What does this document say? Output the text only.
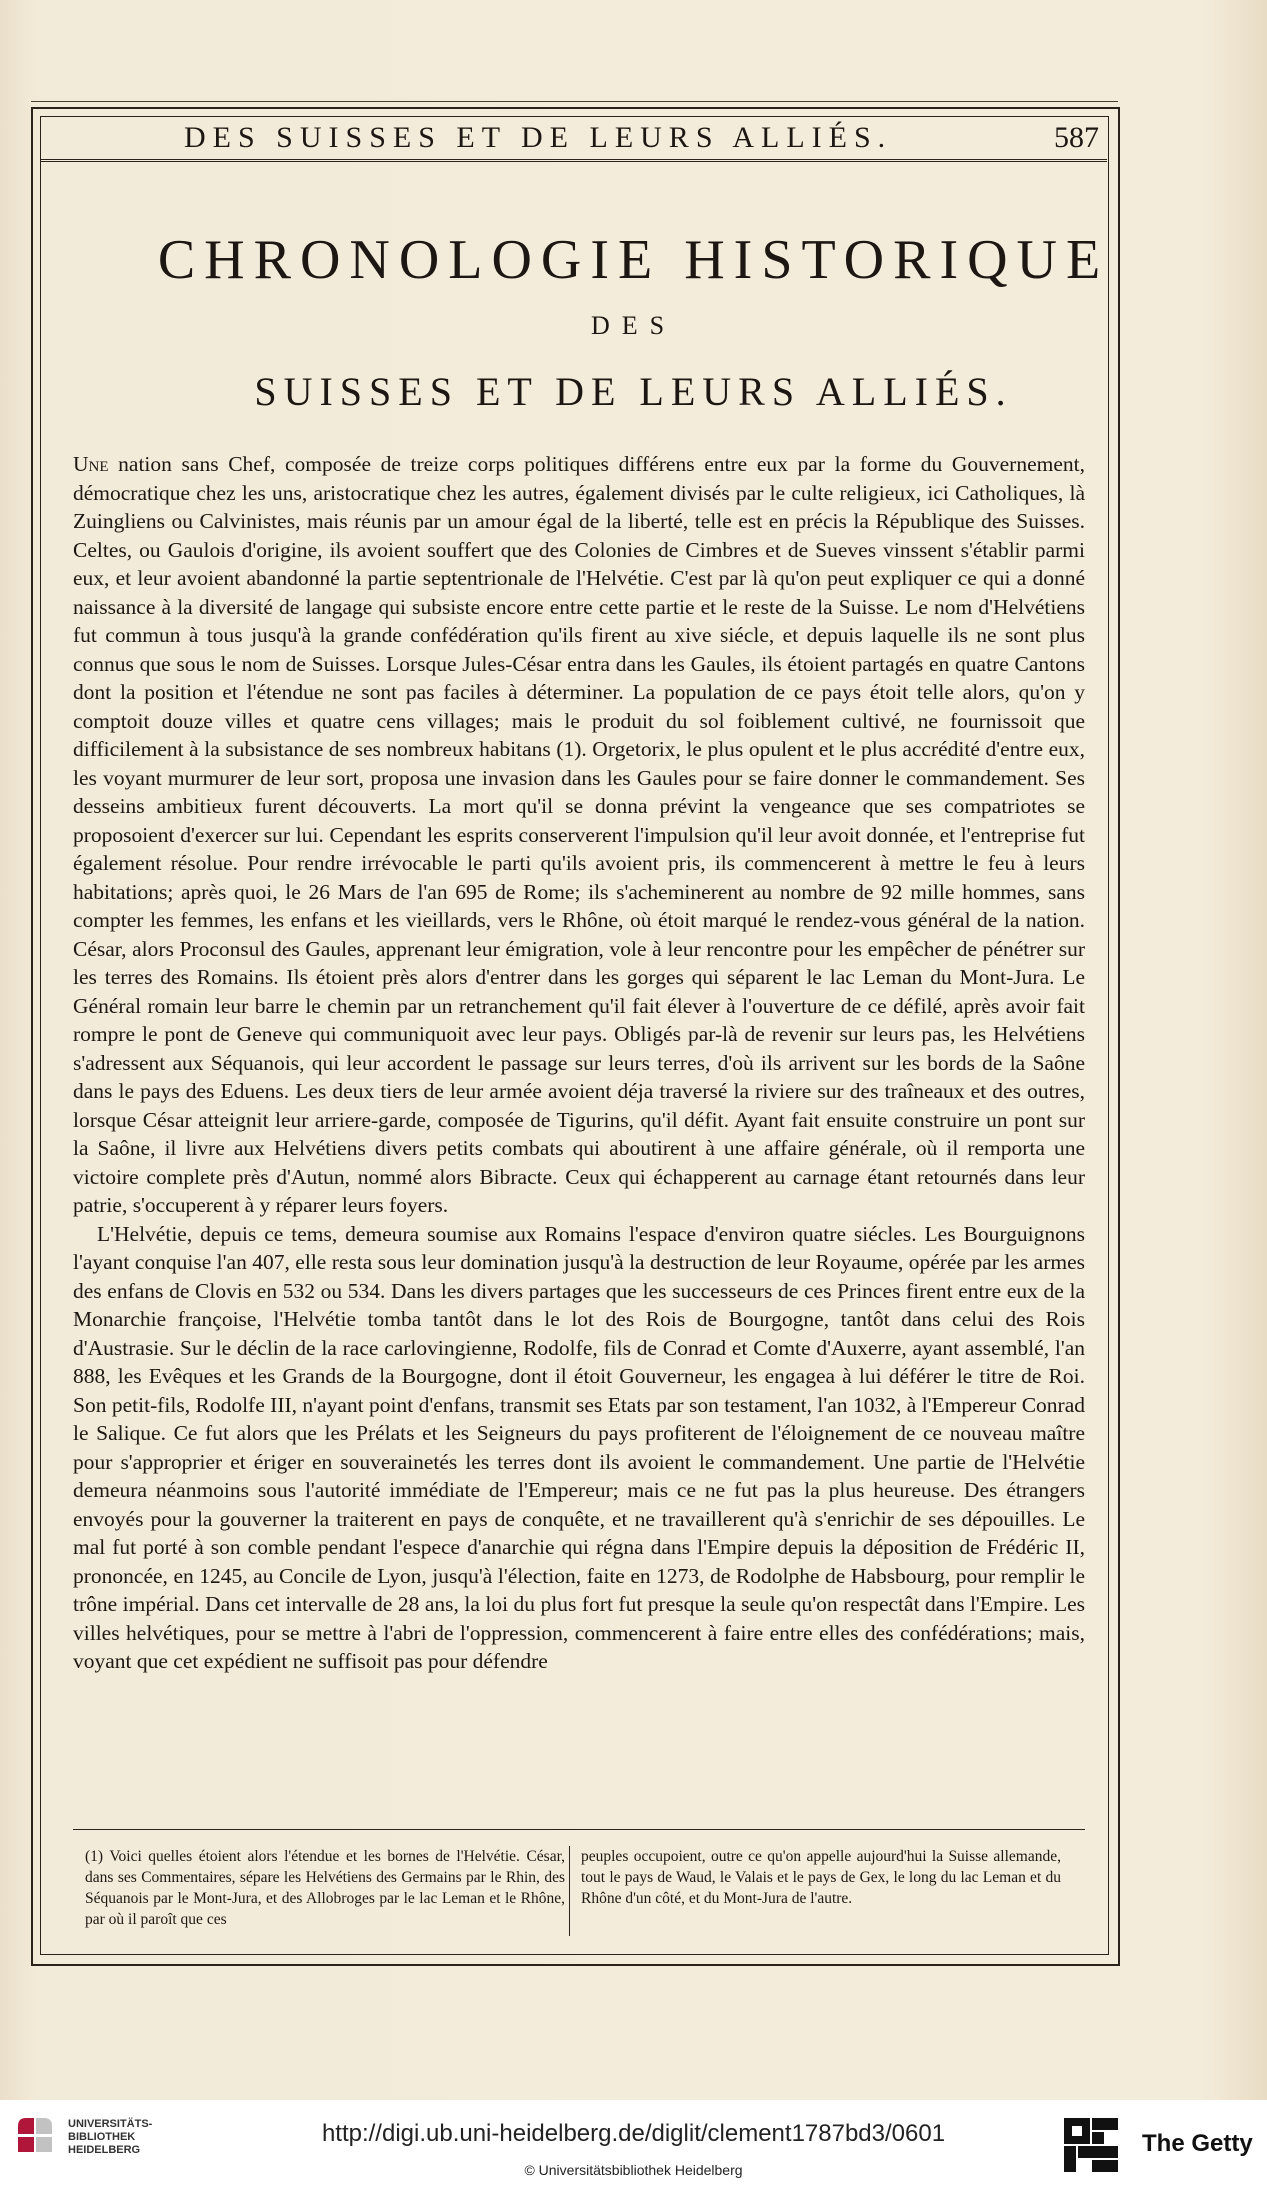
DES SUISSES ET DE LEURS ALLIÉS.	587
CHRONOLOGIE HISTORIQUE
DES
SUISSES ET DE LEURS ALLIÉS.

Une nation sans Chef, composée de treize corps politiques différens entre eux par la forme du Gouvernement, démocratique chez les uns, aristocratique chez les autres, également divisés par le culte religieux, ici Catholiques, là Zuingliens ou Calvinistes, mais réunis par un amour égal de la liberté, telle est en précis la République des Suisses. Celtes, ou Gaulois d'origine, ils avoient souffert que des Colonies de Cimbres et de Sueves vinssent s'établir parmi eux, et leur avoient abandonné la partie septentrionale de l'Helvétie. C'est par là qu'on peut expliquer ce qui a donné naissance à la diversité de langage qui subsiste encore entre cette partie et le reste de la Suisse. Le nom d'Helvétiens fut commun à tous jusqu'à la grande confédération qu'ils firent au xive siécle, et depuis laquelle ils ne sont plus connus que sous le nom de Suisses. Lorsque Jules-César entra dans les Gaules, ils étoient partagés en quatre Cantons dont la position et l'étendue ne sont pas faciles à déterminer. La population de ce pays étoit telle alors, qu'on y comptoit douze villes et quatre cens villages; mais le produit du sol foiblement cultivé, ne fournissoit que difficilement à la subsistance de ses nombreux habitans (1). Orgetorix, le plus opulent et le plus accrédité d'entre eux, les voyant murmurer de leur sort, proposa une invasion dans les Gaules pour se faire donner le commandement. Ses desseins ambitieux furent découverts. La mort qu'il se donna prévint la vengeance que ses compatriotes se proposoient d'exercer sur lui. Cependant les esprits conserverent l'impulsion qu'il leur avoit donnée, et l'entreprise fut également résolue. Pour rendre irrévocable le parti qu'ils avoient pris, ils commencerent à mettre le feu à leurs habitations; après quoi, le 26 Mars de l'an 695 de Rome; ils s'acheminerent au nombre de 92 mille hommes, sans compter les femmes, les enfans et les vieillards, vers le Rhône, où étoit marqué le rendez-vous général de la nation. César, alors Proconsul des Gaules, apprenant leur émigration, vole à leur rencontre pour les empêcher de pénétrer sur les terres des Romains. Ils étoient près alors d'entrer dans les gorges qui séparent le lac Leman du Mont-Jura. Le Général romain leur barre le chemin par un retranchement qu'il fait élever à l'ouverture de ce défilé, après avoir fait rompre le pont de Geneve qui communiquoit avec leur pays. Obligés par-là de revenir sur leurs pas, les Helvétiens s'adressent aux Séquanois, qui leur accordent le passage sur leurs terres, d'où ils arrivent sur les bords de la Saône dans le pays des Eduens. Les deux tiers de leur armée avoient déja traversé la riviere sur des traîneaux et des outres, lorsque César atteignit leur arriere-garde, composée de Tigurins, qu'il défit. Ayant fait ensuite construire un pont sur la Saône, il livre aux Helvétiens divers petits combats qui aboutirent à une affaire générale, où il remporta une victoire complete près d'Autun, nommé alors Bibracte. Ceux qui échapperent au carnage étant retournés dans leur patrie, s'occuperent à y réparer leurs foyers.

L'Helvétie, depuis ce tems, demeura soumise aux Romains l'espace d'environ quatre siécles. Les Bourguignons l'ayant conquise l'an 407, elle resta sous leur domination jusqu'à la destruction de leur Royaume, opérée par les armes des enfans de Clovis en 532 ou 534. Dans les divers partages que les successeurs de ces Princes firent entre eux de la Monarchie françoise, l'Helvétie tomba tantôt dans le lot des Rois de Bourgogne, tantôt dans celui des Rois d'Austrasie. Sur le déclin de la race carlovingienne, Rodolfe, fils de Conrad et Comte d'Auxerre, ayant assemblé, l'an 888, les Evêques et les Grands de la Bourgogne, dont il étoit Gouverneur, les engagea à lui déférer le titre de Roi. Son petit-fils, Rodolfe III, n'ayant point d'enfans, transmit ses Etats par son testament, l'an 1032, à l'Empereur Conrad le Salique. Ce fut alors que les Prélats et les Seigneurs du pays profiterent de l'éloignement de ce nouveau maître pour s'approprier et ériger en souverainetés les terres dont ils avoient le commandement. Une partie de l'Helvétie demeura néanmoins sous l'autorité immédiate de l'Empereur; mais ce ne fut pas la plus heureuse. Des étrangers envoyés pour la gouverner la traiterent en pays de conquête, et ne travaillerent qu'à s'enrichir de ses dépouilles. Le mal fut porté à son comble pendant l'espece d'anarchie qui régna dans l'Empire depuis la déposition de Frédéric II, prononcée, en 1245, au Concile de Lyon, jusqu'à l'élection, faite en 1273, de Rodolphe de Habsbourg, pour remplir le trône impérial. Dans cet intervalle de 28 ans, la loi du plus fort fut presque la seule qu'on respectât dans l'Empire. Les villes helvétiques, pour se mettre à l'abri de l'oppression, commencerent à faire entre elles des confédérations; mais, voyant que cet expédient ne suffisoit pas pour défendre

(1) Voici quelles étoient alors l'étendue et les bornes de l'Helvétie. César, dans ses Commentaires, sépare les Helvétiens des Germains par le Rhin, des Séquanois par le Mont-Jura, et des Allobroges par le lac Leman et le Rhône, par où il paroît que ces
peuples occupoient, outre ce qu'on appelle aujourd'hui la Suisse allemande, tout le pays de Waud, le Valais et le pays de Gex, le long du lac Leman et du Rhône d'un côté, et du Mont-Jura de l'autre.
UNIVERSITÄTS-
BIBLIOTHEK
HEIDELBERG
http://digi.ub.uni-heidelberg.de/diglit/clement1787bd3/0601
© Universitätsbibliothek Heidelberg
The Getty
